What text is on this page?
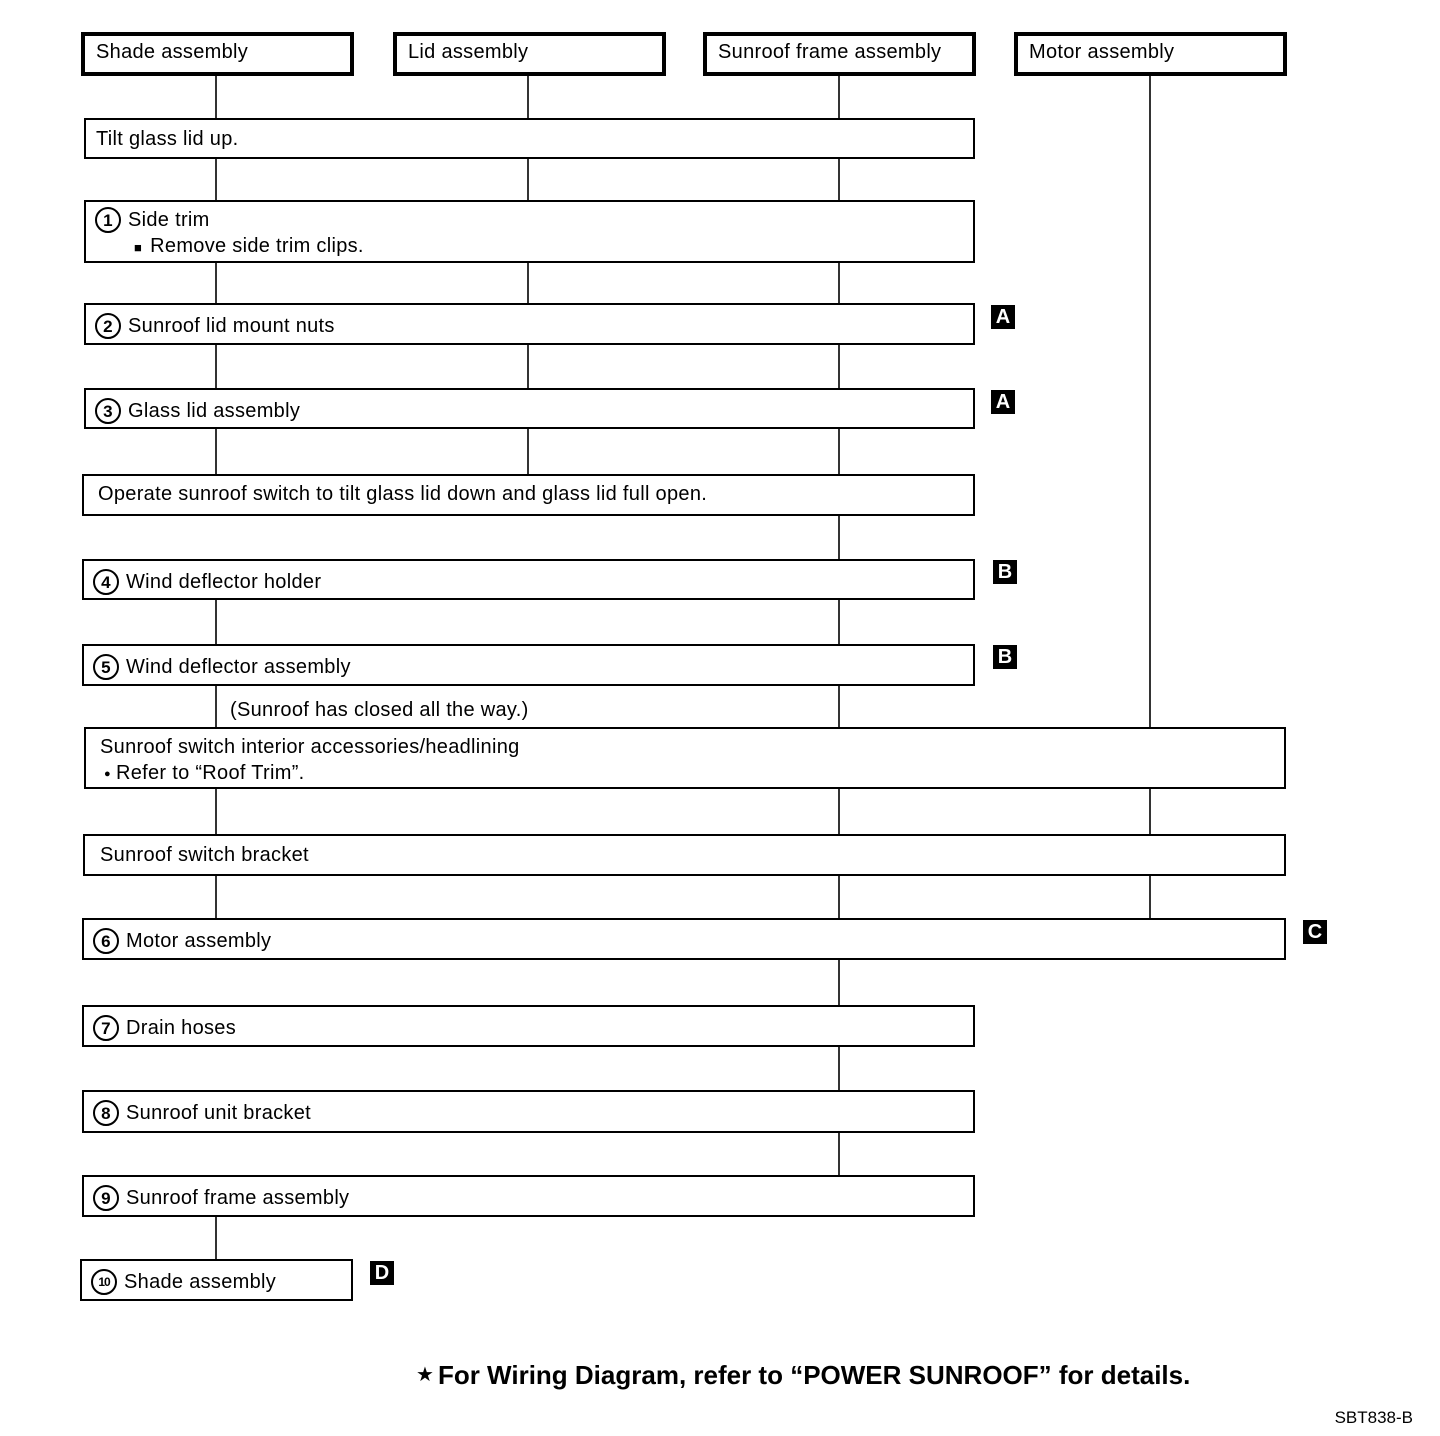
Shade assembly	Lid assembly	Sunroof frame assembly	Motor assembly
Tilt glass lid up.
1 Side trim
■ Remove side trim clips.
2 Sunroof lid mount nuts	A
3 Glass lid assembly	A
Operate sunroof switch to tilt glass lid down and glass lid full open.
4 Wind deflector holder	B
5 Wind deflector assembly	B
(Sunroof has closed all the way.)
Sunroof switch interior accessories/headlining
● Refer to “Roof Trim”.
Sunroof switch bracket
6 Motor assembly	C
7 Drain hoses
8 Sunroof unit bracket
9 Sunroof frame assembly
10 Shade assembly	D
★ For Wiring Diagram, refer to “POWER SUNROOF” for details.
SBT838-B
